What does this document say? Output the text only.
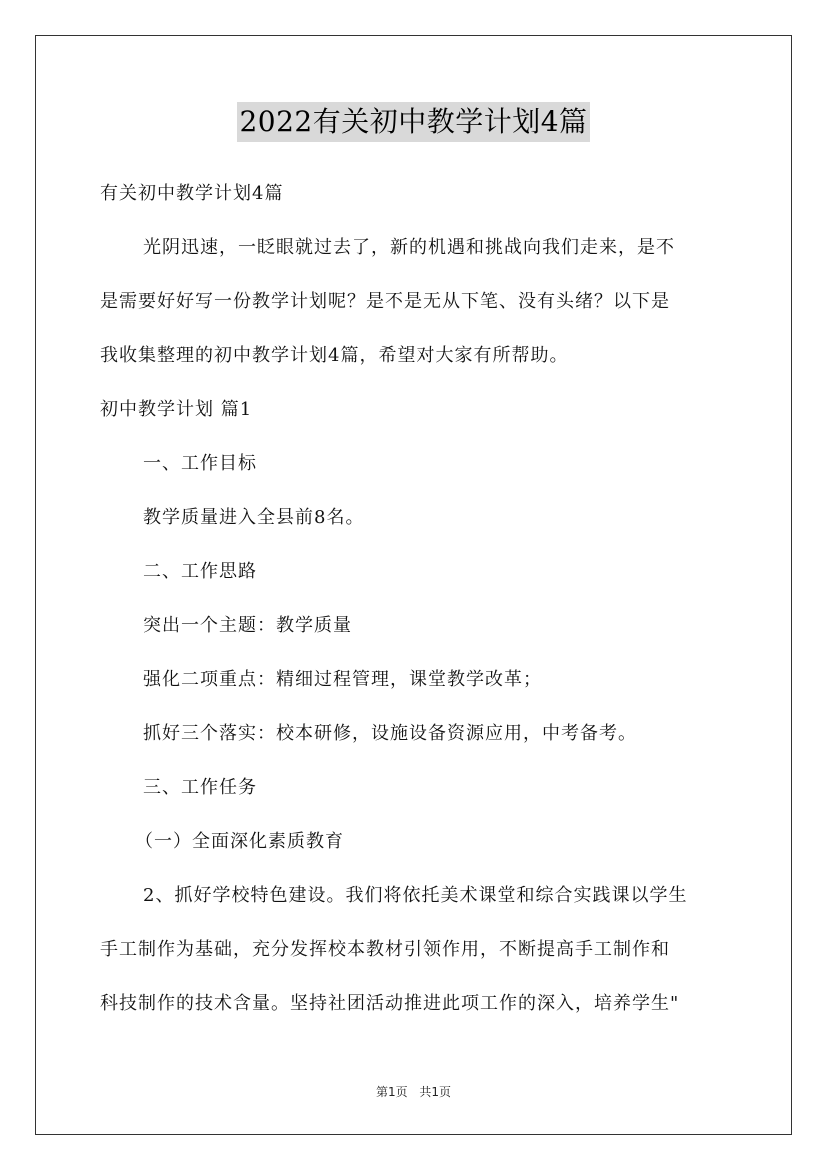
2022有关初中教学计划4篇
有关初中教学计划4篇
光阴迅速，一眨眼就过去了，新的机遇和挑战向我们走来，是不
是需要好好写一份教学计划呢？是不是无从下笔、没有头绪？以下是
我收集整理的初中教学计划4篇，希望对大家有所帮助。
初中教学计划 篇1
一、工作目标
教学质量进入全县前8名。
二、工作思路
突出一个主题：教学质量
强化二项重点：精细过程管理，课堂教学改革；
抓好三个落实：校本研修，设施设备资源应用，中考备考。
三、工作任务
（一）全面深化素质教育
2、抓好学校特色建设。我们将依托美术课堂和综合实践课以学生
手工制作为基础，充分发挥校本教材引领作用，不断提高手工制作和
科技制作的技术含量。坚持社团活动推进此项工作的深入，培养学生"
第1页 共1页
